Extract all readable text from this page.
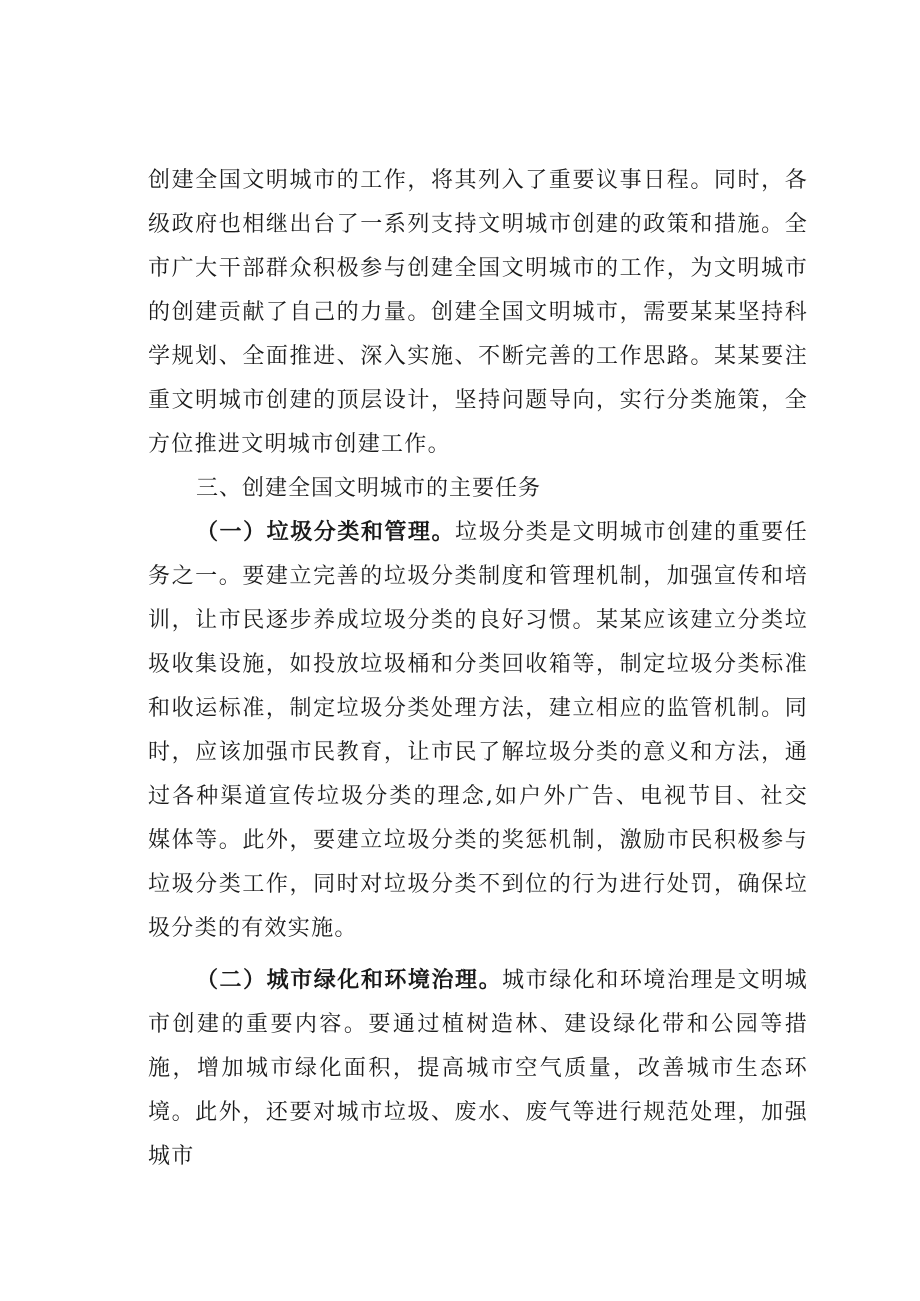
创建全国文明城市的工作，将其列入了重要议事日程。同时，各级政府也相继出台了一系列支持文明城市创建的政策和措施。全市广大干部群众积极参与创建全国文明城市的工作，为文明城市的创建贡献了自己的力量。创建全国文明城市，需要某某坚持科学规划、全面推进、深入实施、不断完善的工作思路。某某要注重文明城市创建的顶层设计，坚持问题导向，实行分类施策，全方位推进文明城市创建工作。

三、创建全国文明城市的主要任务

（一）垃圾分类和管理。垃圾分类是文明城市创建的重要任务之一。要建立完善的垃圾分类制度和管理机制，加强宣传和培训，让市民逐步养成垃圾分类的良好习惯。某某应该建立分类垃圾收集设施，如投放垃圾桶和分类回收箱等，制定垃圾分类标准和收运标准，制定垃圾分类处理方法，建立相应的监管机制。同时，应该加强市民教育，让市民了解垃圾分类的意义和方法，通过各种渠道宣传垃圾分类的理念,如户外广告、电视节目、社交媒体等。此外，要建立垃圾分类的奖惩机制，激励市民积极参与垃圾分类工作，同时对垃圾分类不到位的行为进行处罚，确保垃圾分类的有效实施。

（二）城市绿化和环境治理。城市绿化和环境治理是文明城市创建的重要内容。要通过植树造林、建设绿化带和公园等措施，增加城市绿化面积，提高城市空气质量，改善城市生态环境。此外，还要对城市垃圾、废水、废气等进行规范处理，加强城市
